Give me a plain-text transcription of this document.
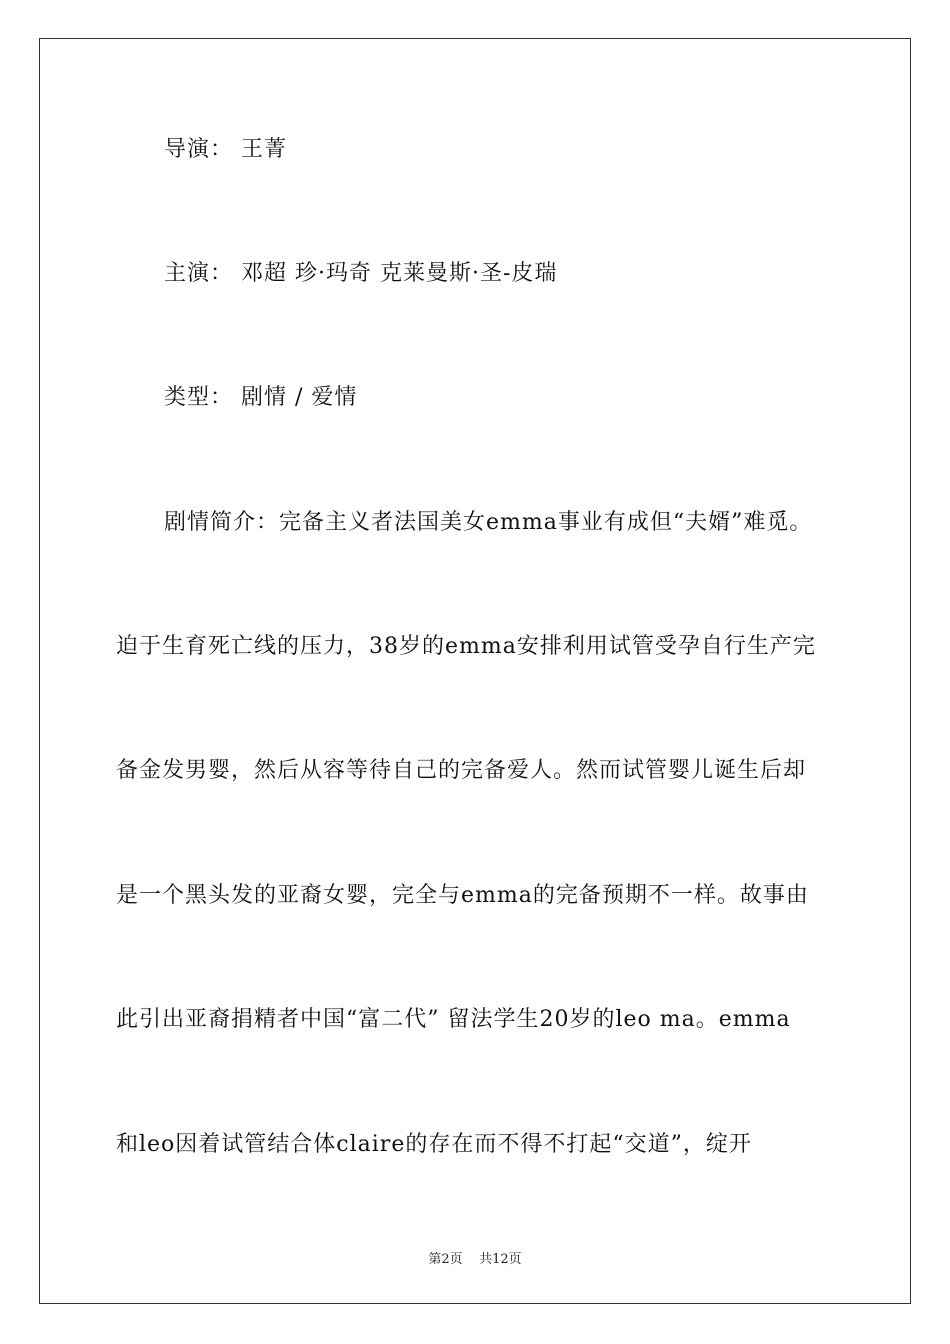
导演： 王菁
主演： 邓超 珍·玛奇 克莱曼斯·圣-皮瑞
类型： 剧情 / 爱情
剧情简介：完备主义者法国美女emma事业有成但“夫婿”难觅。
迫于生育死亡线的压力，38岁的emma安排利用试管受孕自行生产完
备金发男婴，然后从容等待自己的完备爱人。然而试管婴儿诞生后却
是一个黑头发的亚裔女婴，完全与emma的完备预期不一样。故事由
此引出亚裔捐精者中国“富二代” 留法学生20岁的leo ma。emma
和leo因着试管结合体claire的存在而不得不打起“交道”，绽开
第2页 共12页
